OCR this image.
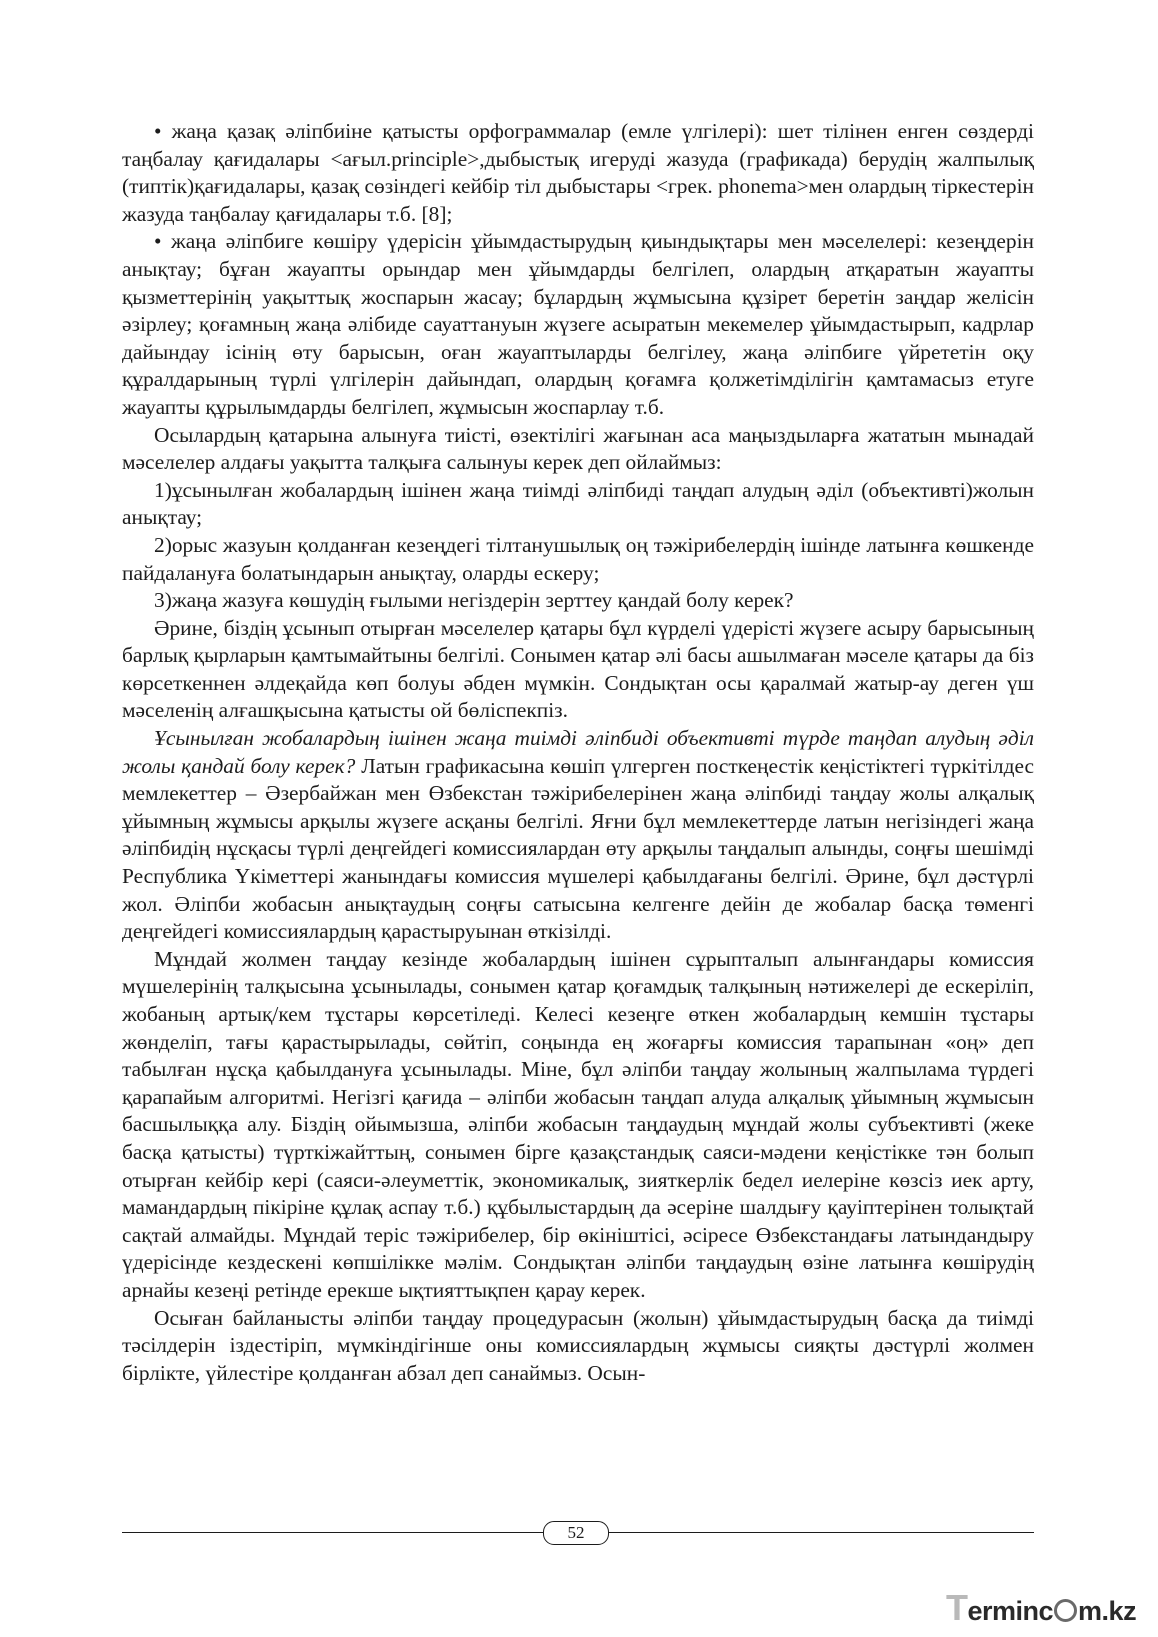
• жаңа қазақ әліпбиіне қатысты орфограммалар (емле үлгілері): шет тілінен енген сөздерді таңбалау қағидалары <ағыл.principle>,дыбыстық игеруді жазуда (графикада) берудің жалпылық (типтік)қағидалары, қазақ сөзіндегі кейбір тіл дыбыстары <грек. phonema>мен олардың тіркестерін жазуда таңбалау қағидалары т.б. [8];

• жаңа әліпбиге көшіру үдерісін ұйымдастырудың қиындықтары мен мәселелері: кезеңдерін анықтау; бұған жауапты орындар мен ұйымдарды белгілеп, олардың атқаратын жауапты қызметтерінің уақыттық жоспарын жасау; бұлардың жұмысына құзірет беретін заңдар желісін әзірлеу; қоғамның жаңа әлібиде сауаттануын жүзеге асыратын мекемелер ұйымдастырып, кадрлар дайындау ісінің өту барысын, оған жауаптыларды белгілеу, жаңа әліпбиге үйрететін оқу құралдарының түрлі үлгілерін дайындап, олардың қоғамға қолжетімділігін қамтамасыз етуге жауапты құрылымдарды белгілеп, жұмысын жоспарлау т.б.

Осылардың қатарына алынуға тиісті, өзектілігі жағынан аса маңыздыларға жататын мынадай мәселелер алдағы уақытта талқыға салынуы керек деп ойлаймыз:

1)ұсынылған жобалардың ішінен жаңа тиімді әліпбиді таңдап алудың әділ (объективті)жолын анықтау;

2)орыс жазуын қолданған кезеңдегі тілтанушылық оң тәжірибелердің ішінде латынға көшкенде пайдалануға болатындарын анықтау, оларды ескеру;

3)жаңа жазуға көшудің ғылыми негіздерін зерттеу қандай болу керек?

Әрине, біздің ұсынып отырған мәселелер қатары бұл күрделі үдерісті жүзеге асыру барысының барлық қырларын қамтымайтыны белгілі. Сонымен қатар әлі басы ашылмаған мәселе қатары да біз көрсеткеннен әлдеқайда көп болуы әбден мүмкін. Сондықтан осы қаралмай жатыр-ау деген үш мәселенің алғашқысына қатысты ой бөліспекпіз.

Ұсынылған жобалардың ішінен жаңа тиімді әліпбиді объективті түрде таңдап алудың әділ жолы қандай болу керек? Латын графикасына көшіп үлгерген посткеңестік кеңістіктегі түркітілдес мемлекеттер – Әзербайжан мен Өзбекстан тәжірибелерінен жаңа әліпбиді таңдау жолы алқалық ұйымның жұмысы арқылы жүзеге асқаны белгілі. Яғни бұл мемлекеттерде латын негізіндегі жаңа әліпбидің нұсқасы түрлі деңгейдегі комиссиялардан өту арқылы таңдалып алынды, соңғы шешімді Республика Үкіметтері жанындағы комиссия мүшелері қабылдағаны белгілі. Әрине, бұл дәстүрлі жол. Әліпби жобасын анықтаудың соңғы сатысына келгенге дейін де жобалар басқа төменгі деңгейдегі комиссиялардың қарастыруынан өткізілді.

Мұндай жолмен таңдау кезінде жобалардың ішінен сұрыпталып алынғандары комиссия мүшелерінің талқысына ұсынылады, сонымен қатар қоғамдық талқының нәтижелері де ескеріліп, жобаның артық/кем тұстары көрсетіледі. Келесі кезеңге өткен жобалардың кемшін тұстары жөнделіп, тағы қарастырылады, сөйтіп, соңында ең жоғарғы комиссия тарапынан «оң» деп табылған нұсқа қабылдануға ұсынылады. Міне, бұл әліпби таңдау жолының жалпылама түрдегі қарапайым алгоритмі. Негізгі қағида – әліпби жобасын таңдап алуда алқалық ұйымның жұмысын басшылыққа алу. Біздің ойымызша, әліпби жобасын таңдаудың мұндай жолы субъективті (жеке басқа қатысты) түрткіжайттың, сонымен бірге қазақстандық саяси-мәдени кеңістікке тән болып отырған кейбір кері (саяси-әлеуметтік, экономикалық, зияткерлік бедел иелеріне көзсіз иек арту, мамандардың пікіріне құлақ аспау т.б.) құбылыстардың да әсеріне шалдығу қауіптерінен толықтай сақтай алмайды. Мұндай теріс тәжірибелер, бір өкініштісі, әсіресе Өзбекстандағы латындандыру үдерісінде кездескені көпшілікке мәлім. Сондықтан әліпби таңдаудың өзіне латынға көшірудің арнайы кезеңі ретінде ерекше ықтияттықпен қарау керек.

Осыған байланысты әліпби таңдау процедурасын (жолын) ұйымдастырудың басқа да тиімді тәсілдерін іздестіріп, мүмкіндігінше оны комиссиялардың жұмысы сияқты дәстүрлі жолмен бірлікте, үйлестіре қолданған абзал деп санаймыз. Осын-

52
Terminc m.kz
